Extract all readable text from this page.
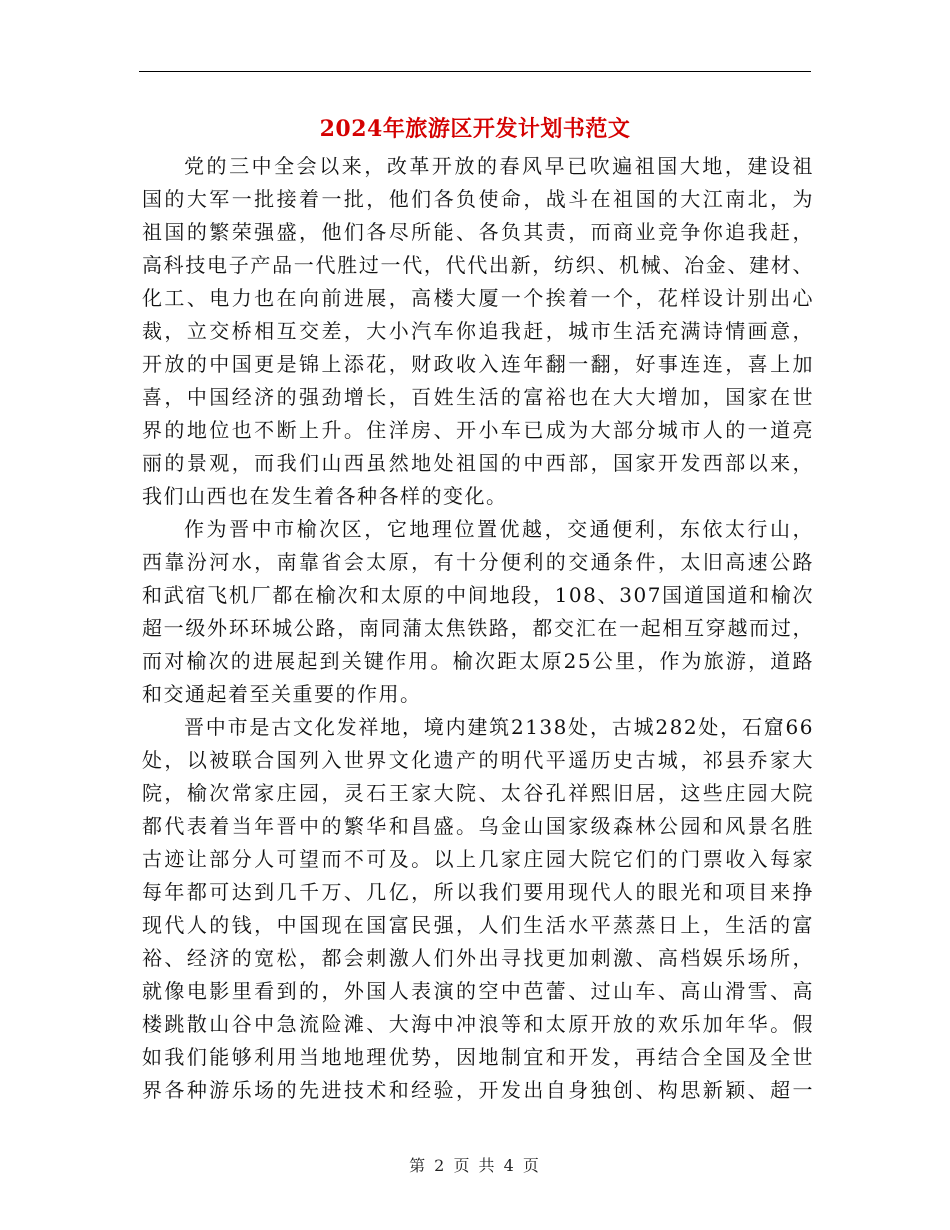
2024年旅游区开发计划书范文

党的三中全会以来，改革开放的春风早已吹遍祖国大地，建设祖
国的大军一批接着一批，他们各负使命，战斗在祖国的大江南北，为
祖国的繁荣强盛，他们各尽所能、各负其责，而商业竞争你追我赶，
高科技电子产品一代胜过一代，代代出新，纺织、机械、冶金、建材、
化工、电力也在向前进展，高楼大厦一个挨着一个，花样设计别出心
裁，立交桥相互交差，大小汽车你追我赶，城市生活充满诗情画意，
开放的中国更是锦上添花，财政收入连年翻一翻，好事连连，喜上加
喜，中国经济的强劲增长，百姓生活的富裕也在大大增加，国家在世
界的地位也不断上升。住洋房、开小车已成为大部分城市人的一道亮
丽的景观，而我们山西虽然地处祖国的中西部，国家开发西部以来，
我们山西也在发生着各种各样的变化。

作为晋中市榆次区，它地理位置优越，交通便利，东依太行山，
西靠汾河水，南靠省会太原，有十分便利的交通条件，太旧高速公路
和武宿飞机厂都在榆次和太原的中间地段，108、307国道国道和榆次
超一级外环环城公路，南同蒲太焦铁路，都交汇在一起相互穿越而过，
而对榆次的进展起到关键作用。榆次距太原25公里，作为旅游，道路
和交通起着至关重要的作用。

晋中市是古文化发祥地，境内建筑2138处，古城282处，石窟66
处，以被联合国列入世界文化遗产的明代平遥历史古城，祁县乔家大
院，榆次常家庄园，灵石王家大院、太谷孔祥熙旧居，这些庄园大院
都代表着当年晋中的繁华和昌盛。乌金山国家级森林公园和风景名胜
古迹让部分人可望而不可及。以上几家庄园大院它们的门票收入每家
每年都可达到几千万、几亿，所以我们要用现代人的眼光和项目来挣
现代人的钱，中国现在国富民强，人们生活水平蒸蒸日上，生活的富
裕、经济的宽松，都会刺激人们外出寻找更加刺激、高档娱乐场所，
就像电影里看到的，外国人表演的空中芭蕾、过山车、高山滑雪、高
楼跳散山谷中急流险滩、大海中冲浪等和太原开放的欢乐加年华。假
如我们能够利用当地地理优势，因地制宜和开发，再结合全国及全世
界各种游乐场的先进技术和经验，开发出自身独创、构思新颖、超一

第 2 页 共 4 页
